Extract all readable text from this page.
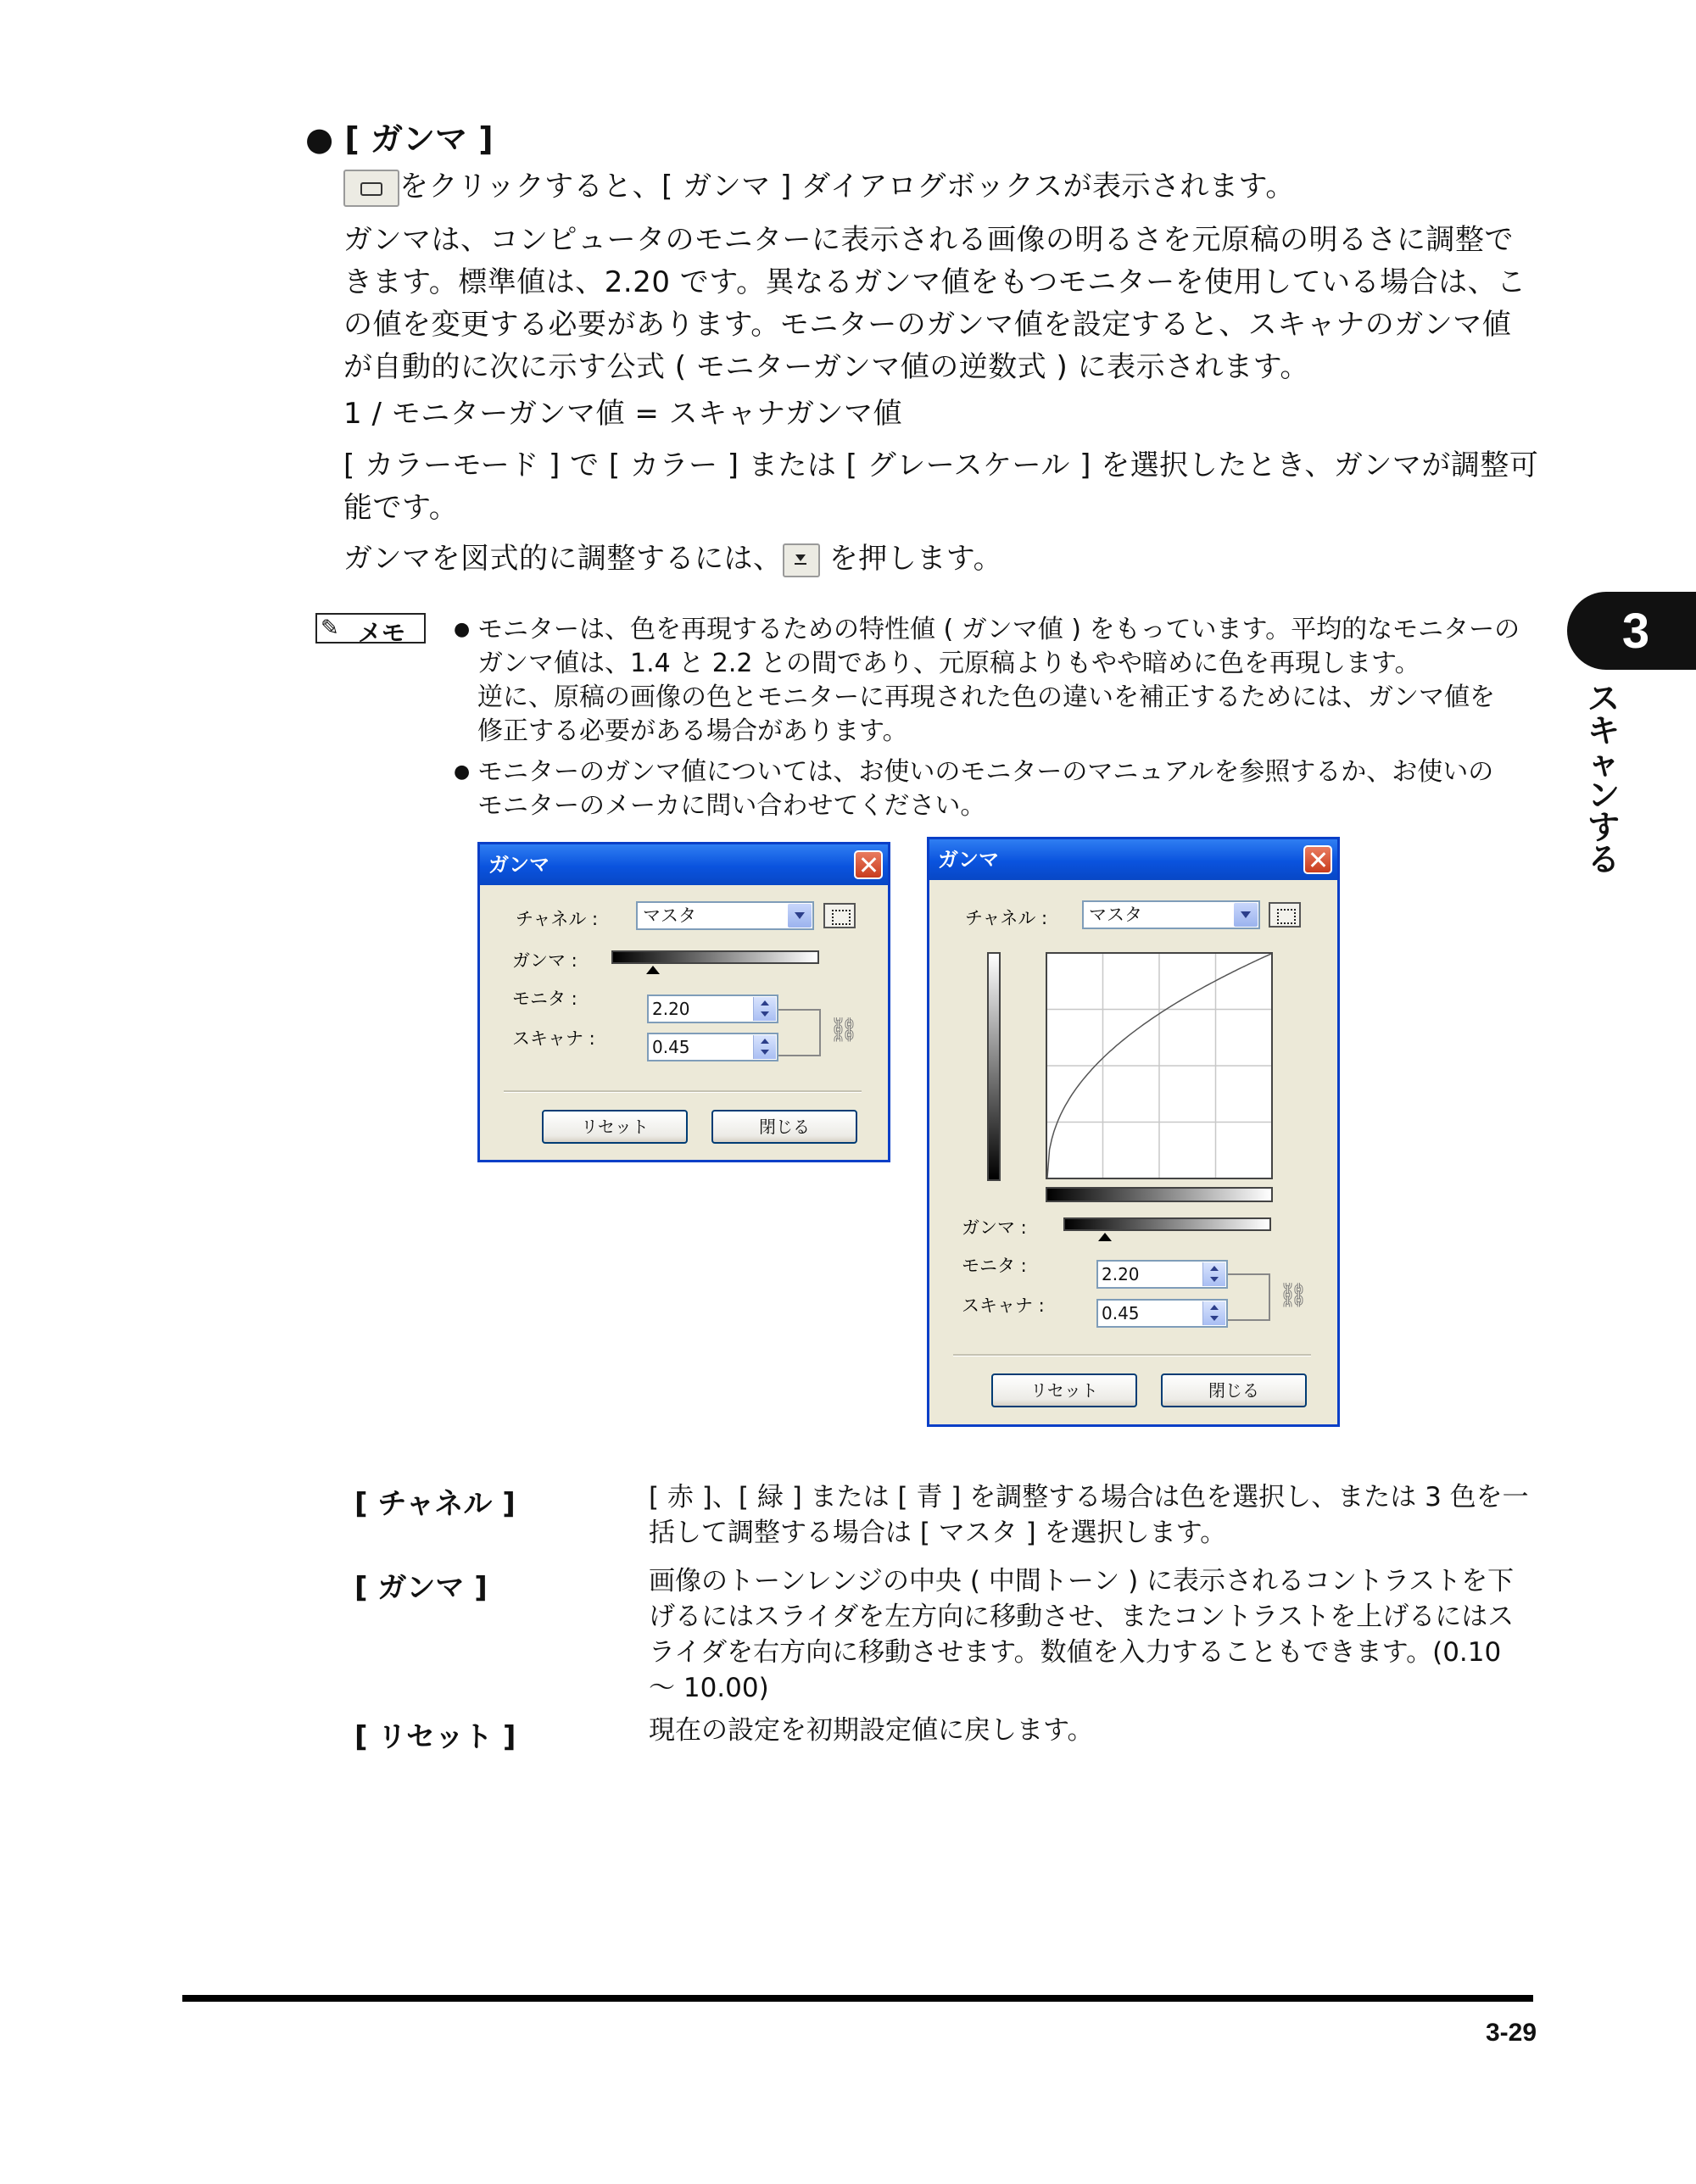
● [ ガンマ ]
をクリックすると、[ ガンマ ] ダイアログボックスが表示されます。
ガンマは、コンピュータのモニターに表示される画像の明るさを元原稿の明るさに調整で
きます。標準値は、2.20 です。異なるガンマ値をもつモニターを使用している場合は、こ
の値を変更する必要があります。モニターのガンマ値を設定すると、スキャナのガンマ値
が自動的に次に示す公式 ( モニターガンマ値の逆数式 ) に表示されます。
1 / モニターガンマ値 = スキャナガンマ値
[ カラーモード ] で [ カラー ] または [ グレースケール ] を選択したとき、ガンマが調整可
能です。
ガンマを図式的に調整するには、
を押します。
✎ メモ	● モニターは、色を再現するための特性値 ( ガンマ値 ) をもっています。平均的なモニターの
ガンマ値は、1.4 と 2.2 との間であり、元原稿よりもやや暗めに色を再現します。
逆に、原稿の画像の色とモニターに再現された色の違いを補正するためには、ガンマ値を
修正する必要がある場合があります。
● モニターのガンマ値については、お使いのモニターのマニュアルを参照するか、お使いの
モニターのメーカに問い合わせてください。
3
ス
キ
ャ
ン
す
る
ガンマ
チャネル :	マスタ
ガンマ :
モニタ :	2.20
スキャナ :	0.45
⛓
リセット	閉じる
ガンマ
チャネル :	マスタ
ガンマ :
モニタ :	2.20
スキャナ :	0.45
⛓
リセット	閉じる
[ チャネル ]	[ 赤 ]、[ 緑 ] または [ 青 ] を調整する場合は色を選択し、または 3 色を一
括して調整する場合は [ マスタ ] を選択します。
[ ガンマ ]	画像のトーンレンジの中央 ( 中間トーン ) に表示されるコントラストを下
げるにはスライダを左方向に移動させ、またコントラストを上げるにはス
ライダを右方向に移動させます。数値を入力することもできます。(0.10
～ 10.00)
[ リセット ]	現在の設定を初期設定値に戻します。
3-29
